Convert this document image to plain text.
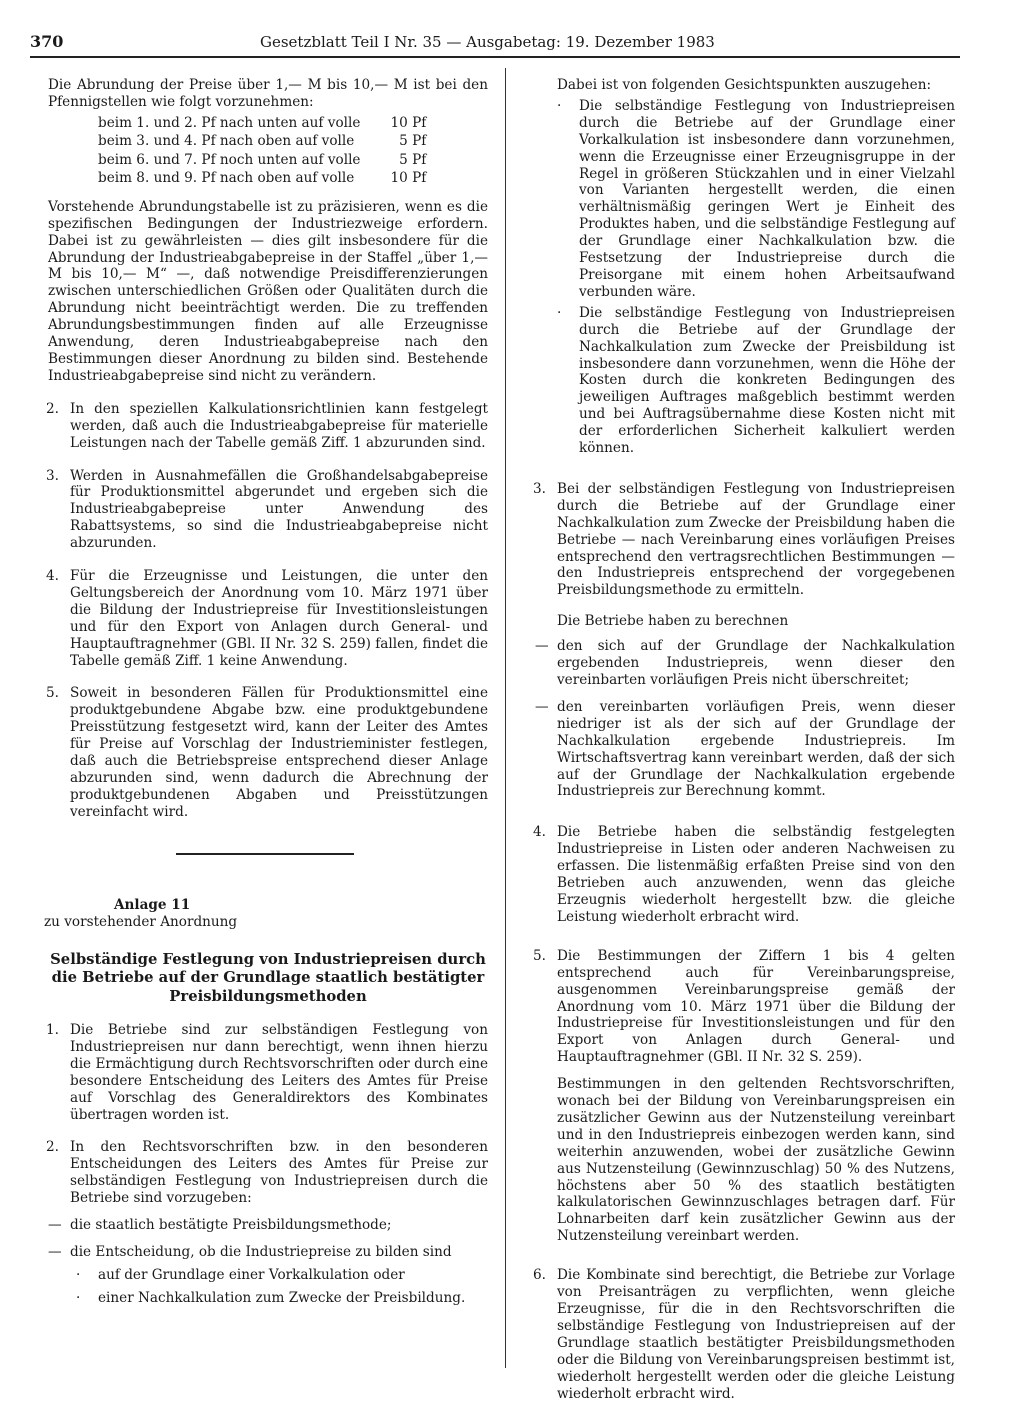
370	Gesetzblatt Teil I Nr. 35 — Ausgabetag: 19. Dezember 1983

Die Abrundung der Preise über 1,— M bis 10,— M ist bei den Pfennigstellen wie folgt vorzunehmen:

beim 1. und 2. Pf nach unten auf volle	10 Pf
beim 3. und 4. Pf nach oben auf volle	5 Pf
beim 6. und 7. Pf noch unten auf volle	5 Pf
beim 8. und 9. Pf nach oben auf volle	10 Pf

Vorstehende Abrundungstabelle ist zu präzisieren, wenn es die spezifischen Bedingungen der Industriezweige erfordern. Dabei ist zu gewährleisten — dies gilt insbesondere für die Abrundung der Industrieabgabepreise in der Staffel „über 1,— M bis 10,— M“ —, daß notwendige Preisdifferenzierungen zwischen unterschiedlichen Größen oder Qualitäten durch die Abrundung nicht beeinträchtigt werden. Die zu treffenden Abrundungsbestimmungen finden auf alle Erzeugnisse Anwendung, deren Industrieabgabepreise nach den Bestimmungen dieser Anordnung zu bilden sind. Bestehende Industrieabgabepreise sind nicht zu verändern.

2. In den speziellen Kalkulationsrichtlinien kann festgelegt werden, daß auch die Industrieabgabepreise für materielle Leistungen nach der Tabelle gemäß Ziff. 1 abzurunden sind.

3. Werden in Ausnahmefällen die Großhandelsabgabepreise für Produktionsmittel abgerundet und ergeben sich die Industrieabgabepreise unter Anwendung des Rabattsystems, so sind die Industrieabgabepreise nicht abzurunden.

4. Für die Erzeugnisse und Leistungen, die unter den Geltungsbereich der Anordnung vom 10. März 1971 über die Bildung der Industriepreise für Investitionsleistungen und für den Export von Anlagen durch General- und Hauptauftragnehmer (GBl. II Nr. 32 S. 259) fallen, findet die Tabelle gemäß Ziff. 1 keine Anwendung.

5. Soweit in besonderen Fällen für Produktionsmittel eine produktgebundene Abgabe bzw. eine produktgebundene Preisstützung festgesetzt wird, kann der Leiter des Amtes für Preise auf Vorschlag der Industrieminister festlegen, daß auch die Betriebspreise entsprechend dieser Anlage abzurunden sind, wenn dadurch die Abrechnung der produktgebundenen Abgaben und Preisstützungen vereinfacht wird.

Anlage 11
zu vorstehender Anordnung
Selbständige Festlegung von Industriepreisen durch die Betriebe auf der Grundlage staatlich bestätigter Preisbildungsmethoden
1. Die Betriebe sind zur selbständigen Festlegung von Industriepreisen nur dann berechtigt, wenn ihnen hierzu die Ermächtigung durch Rechtsvorschriften oder durch eine besondere Entscheidung des Leiters des Amtes für Preise auf Vorschlag des Generaldirektors des Kombinates übertragen worden ist.

2. In den Rechtsvorschriften bzw. in den besonderen Entscheidungen des Leiters des Amtes für Preise zur selbständigen Festlegung von Industriepreisen durch die Betriebe sind vorzugeben:

— die staatlich bestätigte Preisbildungsmethode;

— die Entscheidung, ob die Industriepreise zu bilden sind

· auf der Grundlage einer Vorkalkulation oder

· einer Nachkalkulation zum Zwecke der Preisbildung.

Dabei ist von folgenden Gesichtspunkten auszugehen:

· Die selbständige Festlegung von Industriepreisen durch die Betriebe auf der Grundlage einer Vorkalkulation ist insbesondere dann vorzunehmen, wenn die Erzeugnisse einer Erzeugnisgruppe in der Regel in größeren Stückzahlen und in einer Vielzahl von Varianten hergestellt werden, die einen verhältnismäßig geringen Wert je Einheit des Produktes haben, und die selbständige Festlegung auf der Grundlage einer Nachkalkulation bzw. die Festsetzung der Industriepreise durch die Preisorgane mit einem hohen Arbeitsaufwand verbunden wäre.

· Die selbständige Festlegung von Industriepreisen durch die Betriebe auf der Grundlage der Nachkalkulation zum Zwecke der Preisbildung ist insbesondere dann vorzunehmen, wenn die Höhe der Kosten durch die konkreten Bedingungen des jeweiligen Auftrages maßgeblich bestimmt werden und bei Auftragsübernahme diese Kosten nicht mit der erforderlichen Sicherheit kalkuliert werden können.

3. Bei der selbständigen Festlegung von Industriepreisen durch die Betriebe auf der Grundlage einer Nachkalkulation zum Zwecke der Preisbildung haben die Betriebe — nach Vereinbarung eines vorläufigen Preises entsprechend den vertragsrechtlichen Bestimmungen — den Industriepreis entsprechend der vorgegebenen Preisbildungsmethode zu ermitteln.

Die Betriebe haben zu berechnen

— den sich auf der Grundlage der Nachkalkulation ergebenden Industriepreis, wenn dieser den vereinbarten vorläufigen Preis nicht überschreitet;

— den vereinbarten vorläufigen Preis, wenn dieser niedriger ist als der sich auf der Grundlage der Nachkalkulation ergebende Industriepreis. Im Wirtschaftsvertrag kann vereinbart werden, daß der sich auf der Grundlage der Nachkalkulation ergebende Industriepreis zur Berechnung kommt.

4. Die Betriebe haben die selbständig festgelegten Industriepreise in Listen oder anderen Nachweisen zu erfassen. Die listenmäßig erfaßten Preise sind von den Betrieben auch anzuwenden, wenn das gleiche Erzeugnis wiederholt hergestellt bzw. die gleiche Leistung wiederholt erbracht wird.

5. Die Bestimmungen der Ziffern 1 bis 4 gelten entsprechend auch für Vereinbarungspreise, ausgenommen Vereinbarungspreise gemäß der Anordnung vom 10. März 1971 über die Bildung der Industriepreise für Investitionsleistungen und für den Export von Anlagen durch General- und Hauptauftragnehmer (GBl. II Nr. 32 S. 259).

Bestimmungen in den geltenden Rechtsvorschriften, wonach bei der Bildung von Vereinbarungspreisen ein zusätzlicher Gewinn aus der Nutzensteilung vereinbart und in den Industriepreis einbezogen werden kann, sind weiterhin anzuwenden, wobei der zusätzliche Gewinn aus Nutzensteilung (Gewinnzuschlag) 50 % des Nutzens, höchstens aber 50 % des staatlich bestätigten kalkulatorischen Gewinnzuschlages betragen darf. Für Lohnarbeiten darf kein zusätzlicher Gewinn aus der Nutzensteilung vereinbart werden.

6. Die Kombinate sind berechtigt, die Betriebe zur Vorlage von Preisanträgen zu verpflichten, wenn gleiche Erzeugnisse, für die in den Rechtsvorschriften die selbständige Festlegung von Industriepreisen auf der Grundlage staatlich bestätigter Preisbildungsmethoden oder die Bildung von Vereinbarungspreisen bestimmt ist, wiederholt hergestellt werden oder die gleiche Leistung wiederholt erbracht wird.
